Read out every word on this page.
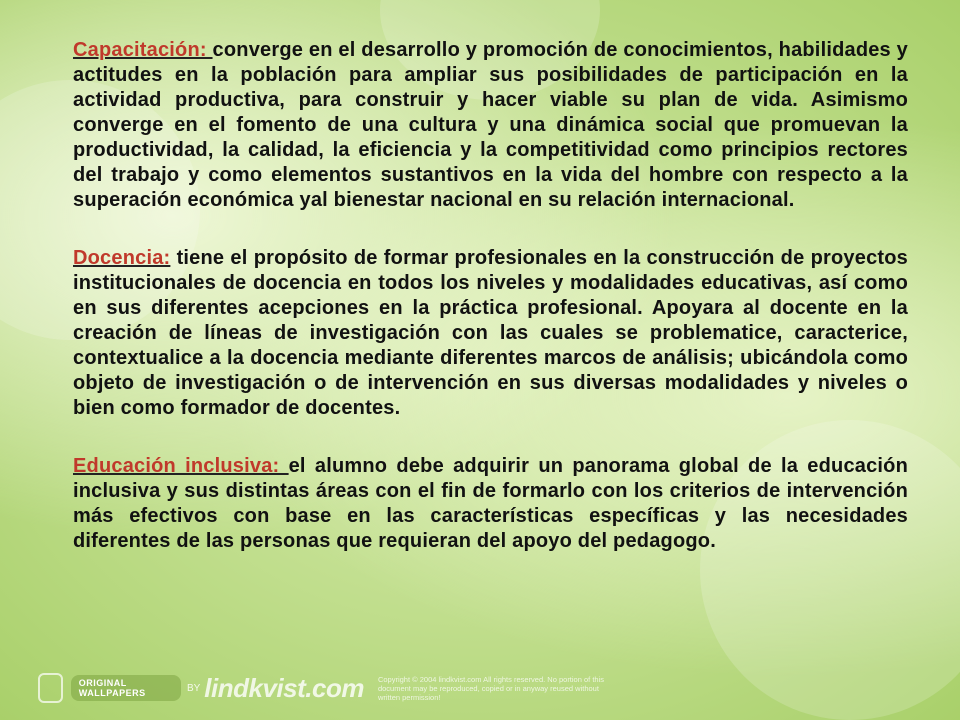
Capacitación: converge en el desarrollo y promoción de conocimientos, habilidades y actitudes en la población para ampliar sus posibilidades de participación en la actividad productiva, para construir y hacer viable su plan de vida. Asimismo converge en el fomento de una cultura y una dinámica social que promuevan la productividad, la calidad, la eficiencia y la competitividad como principios rectores del trabajo y como elementos sustantivos en la vida del hombre con respecto a la superación económica yal bienestar nacional en su relación internacional.

Docencia: tiene el propósito de formar profesionales en la construcción de proyectos institucionales de docencia en todos los niveles y modalidades educativas, así como en sus diferentes acepciones en la práctica profesional. Apoyara al docente en la creación de líneas de investigación con las cuales se problematice, caracterice, contextualice a la docencia mediante diferentes marcos de análisis; ubicándola como objeto de investigación o de intervención en sus diversas modalidades y niveles o bien como formador de docentes.

Educación inclusiva: el alumno debe adquirir un panorama global de la educación inclusiva y sus distintas áreas con el fin de formarlo con los criterios de intervención más efectivos con base en las características específicas y las necesidades diferentes de las personas que requieran del apoyo del pedagogo.

ORIGINAL WALLPAPERS	BY lindkvist.com Copyright © 2004 lindkvist.com All rights reserved. No portion of this document may be reproduced, copied or in anyway reused without written permission!
